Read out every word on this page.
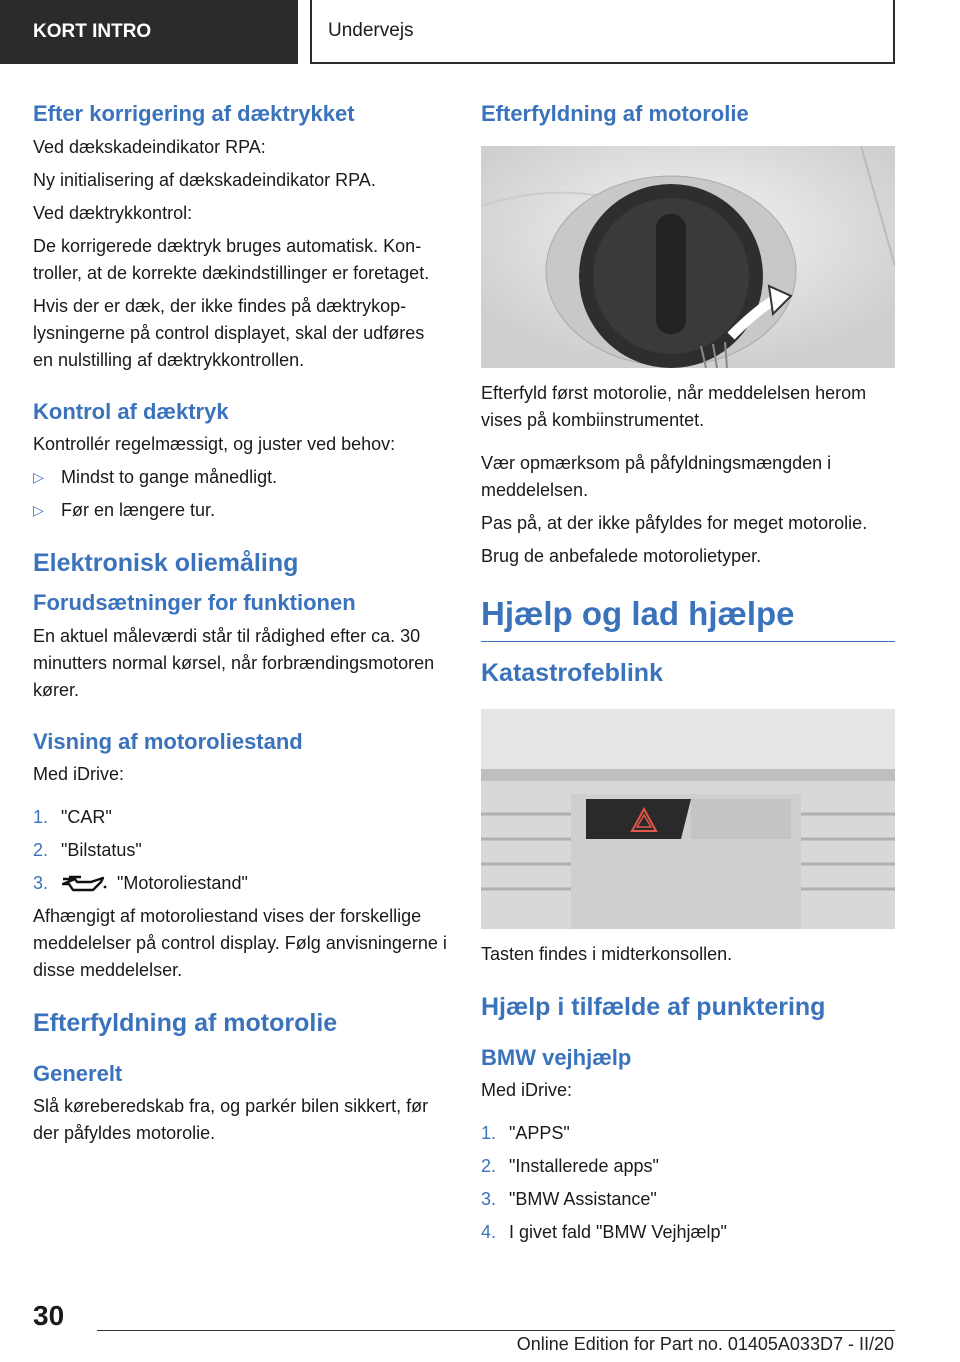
KORT INTRO	Undervejs
Efter korrigering af dæktrykket

Ved dækskadeindikator RPA:

Ny initialisering af dækskadeindikator RPA.

Ved dæktrykkontrol:

De korrigerede dæktryk bruges automatisk. Kontroller, at de korrekte dækindstillinger er foretaget.

Hvis der er dæk, der ikke findes på dæktrykoplysningerne på control displayet, skal der udføres en nulstilling af dæktrykkontrollen.

Kontrol af dæktryk

Kontrollér regelmæssigt, og juster ved behov:

▷ Mindst to gange månedligt.
▷ Før en længere tur.
Elektronisk oliemåling
Forudsætninger for funktionen

En aktuel måleværdi står til rådighed efter ca. 30 minutters normal kørsel, når forbrændingsmotoren kører.

Visning af motoroliestand

Med iDrive:

1. "CAR"
2. "Bilstatus"
3.	"Motoroliestand"

Afhængigt af motoroliestand vises der forskellige meddelelser på control display. Følg anvisningerne i disse meddelelser.

Efterfyldning af motorolie
Generelt

Slå køreberedskab fra, og parkér bilen sikkert, før der påfyldes motorolie.

Efterfyldning af motorolie

Efterfyld først motorolie, når meddelelsen herom vises på kombiinstrumentet.

Vær opmærksom på påfyldningsmængden i meddelelsen.

Pas på, at der ikke påfyldes for meget motorolie.

Brug de anbefalede motorolietyper.

Hjælp og lad hjælpe
Katastrofeblink

Tasten findes i midterkonsollen.

Hjælp i tilfælde af punktering
BMW vejhjælp

Med iDrive:

1. "APPS"
2. "Installerede apps"
3. "BMW Assistance"
4. I givet fald "BMW Vejhjælp"
30
Online Edition for Part no. 01405A033D7 - II/20
